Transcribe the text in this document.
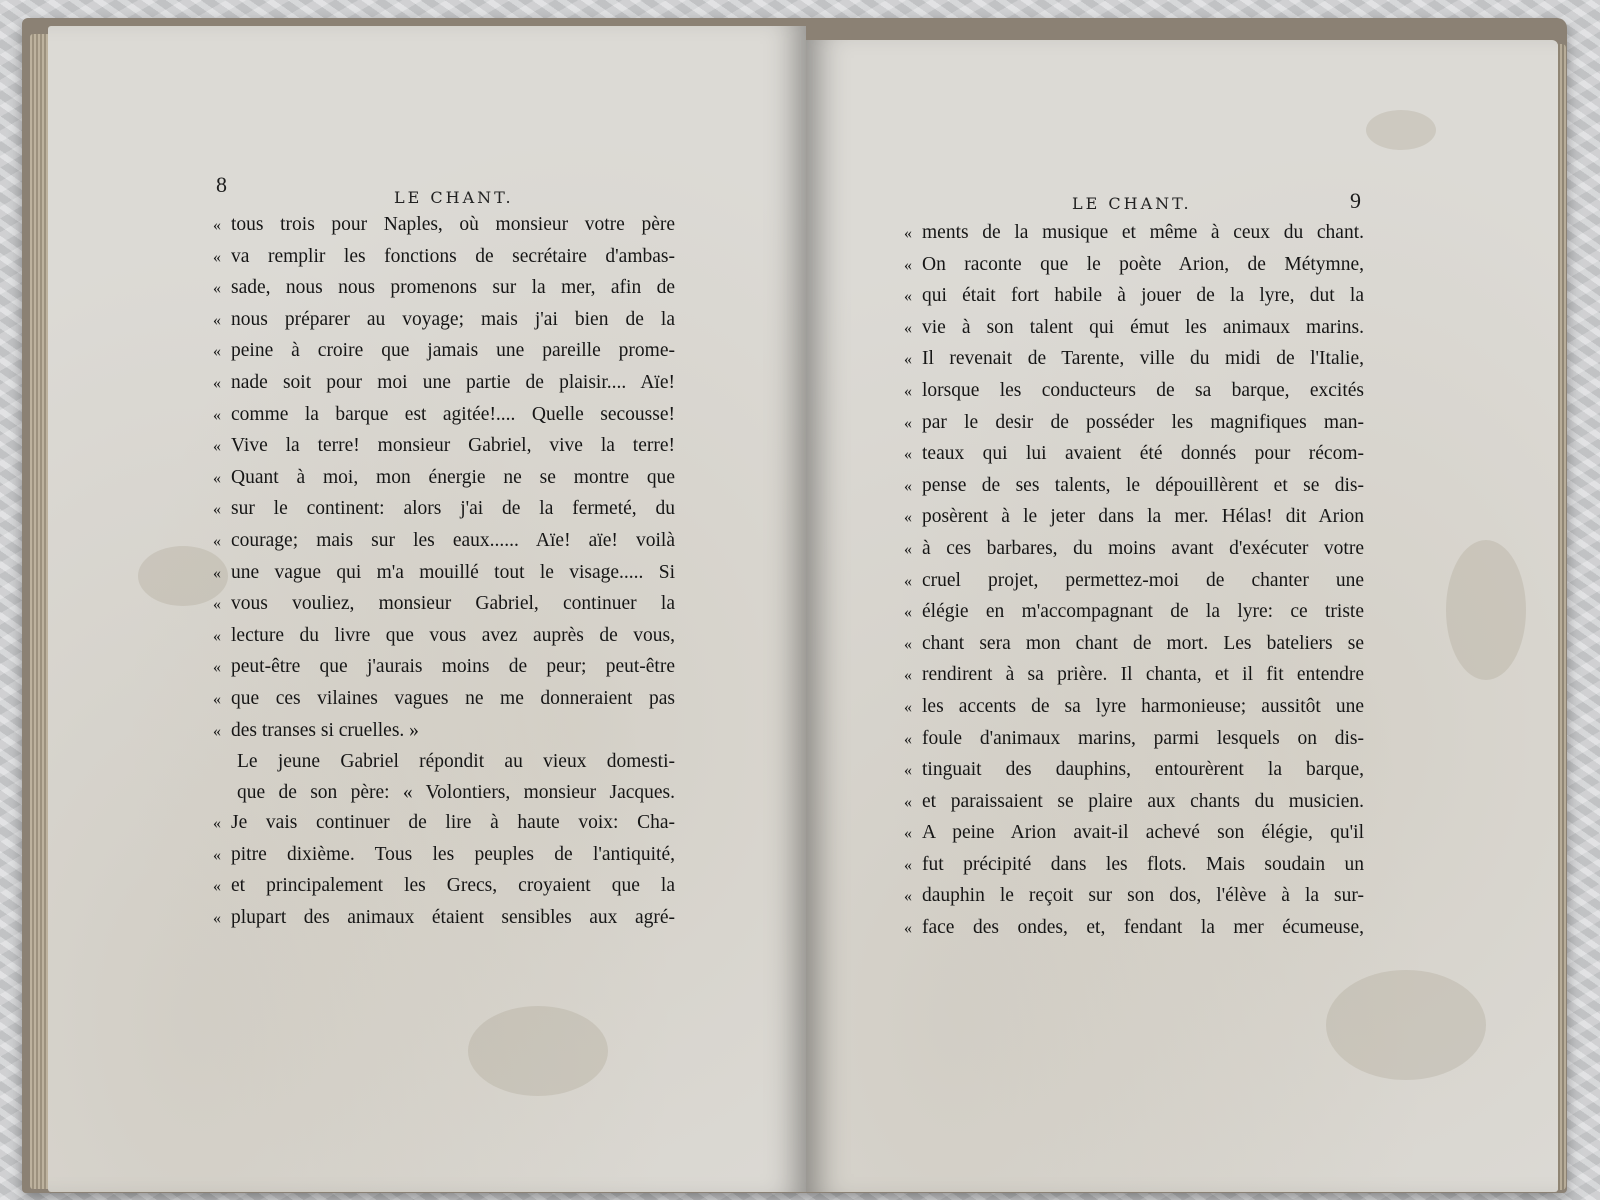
8
LE CHANT.
« tous trois pour Naples, où monsieur votre père
« va remplir les fonctions de secrétaire d'ambas-
« sade, nous nous promenons sur la mer, afin de
« nous préparer au voyage; mais j'ai bien de la
« peine à croire que jamais une pareille prome-
« nade soit pour moi une partie de plaisir.... Aïe!
« comme la barque est agitée!.... Quelle secousse!
« Vive la terre! monsieur Gabriel, vive la terre!
« Quant à moi, mon énergie ne se montre que
« sur le continent: alors j'ai de la fermeté, du
« courage; mais sur les eaux...... Aïe! aïe! voilà
« une vague qui m'a mouillé tout le visage..... Si
« vous vouliez, monsieur Gabriel, continuer la
« lecture du livre que vous avez auprès de vous,
« peut-être que j'aurais moins de peur; peut-être
« que ces vilaines vagues ne me donneraient pas
« des transes si cruelles. »
Le jeune Gabriel répondit au vieux domesti-
que de son père: « Volontiers, monsieur Jacques.
« Je vais continuer de lire à haute voix: Cha-
« pitre dixième. Tous les peuples de l'antiquité,
« et principalement les Grecs, croyaient que la
« plupart des animaux étaient sensibles aux agré-
LE CHANT.	9
« ments de la musique et même à ceux du chant.
« On raconte que le poète Arion, de Métymne,
« qui était fort habile à jouer de la lyre, dut la
« vie à son talent qui émut les animaux marins.
« Il revenait de Tarente, ville du midi de l'Italie,
« lorsque les conducteurs de sa barque, excités
« par le desir de posséder les magnifiques man-
« teaux qui lui avaient été donnés pour récom-
« pense de ses talents, le dépouillèrent et se dis-
« posèrent à le jeter dans la mer. Hélas! dit Arion
« à ces barbares, du moins avant d'exécuter votre
« cruel projet, permettez-moi de chanter une
« élégie en m'accompagnant de la lyre: ce triste
« chant sera mon chant de mort. Les bateliers se
« rendirent à sa prière. Il chanta, et il fit entendre
« les accents de sa lyre harmonieuse; aussitôt une
« foule d'animaux marins, parmi lesquels on dis-
« tinguait des dauphins, entourèrent la barque,
« et paraissaient se plaire aux chants du musicien.
« A peine Arion avait-il achevé son élégie, qu'il
« fut précipité dans les flots. Mais soudain un
« dauphin le reçoit sur son dos, l'élève à la sur-
« face des ondes, et, fendant la mer écumeuse,
